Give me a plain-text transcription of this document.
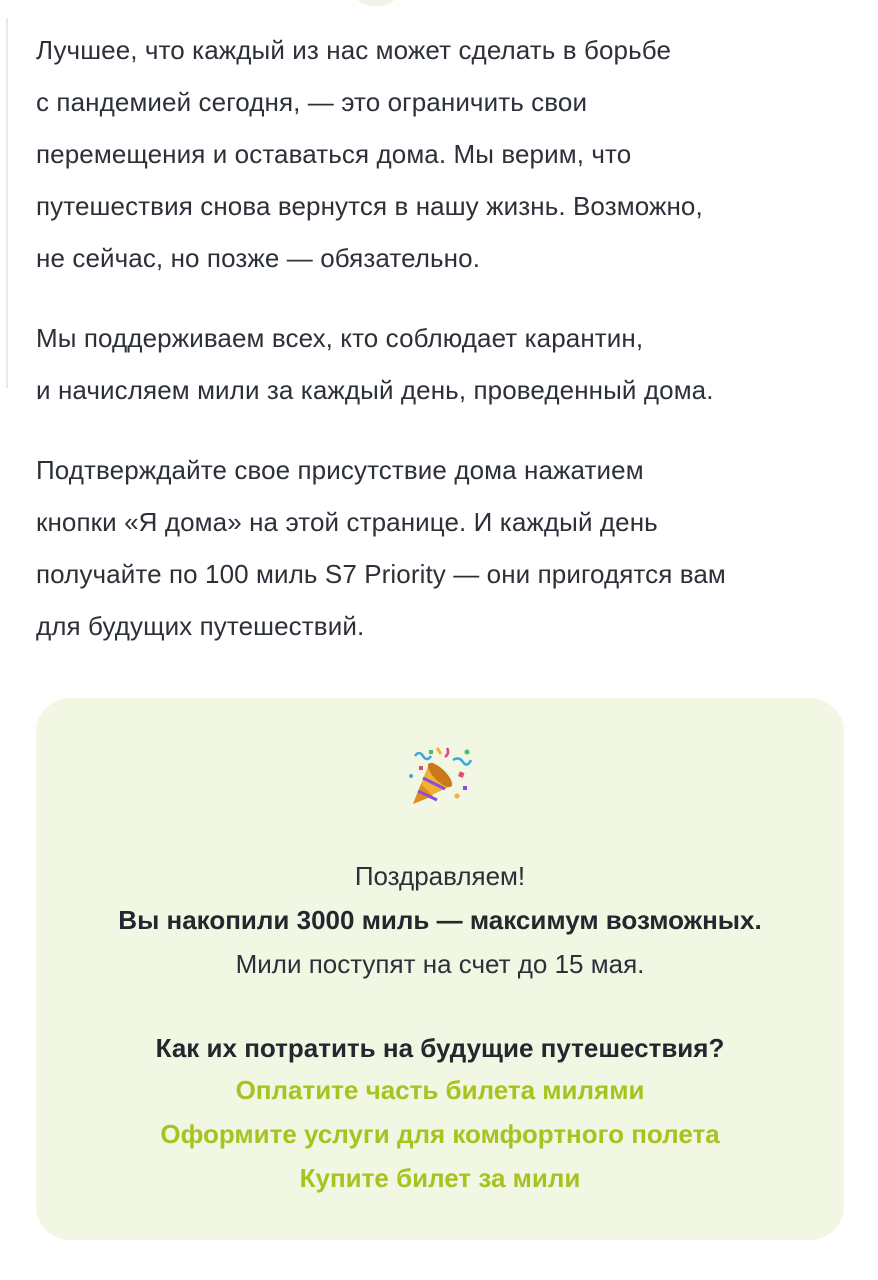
Лучшее, что каждый из нас может сделать в борьбе
с пандемией сегодня, — это ограничить свои
перемещения и оставаться дома. Мы верим, что
путешествия снова вернутся в нашу жизнь. Возможно,
не сейчас, но позже — обязательно.

Мы поддерживаем всех, кто соблюдает карантин,
и начисляем мили за каждый день, проведенный дома.

Подтверждайте свое присутствие дома нажатием
кнопки «Я дома» на этой странице. И каждый день
получайте по 100 миль S7 Priority — они пригодятся вам
для будущих путешествий.

Поздравляем!
Вы накопили 3000 миль — максимум возможных.
Мили поступят на счет до 15 мая.
Как их потратить на будущие путешествия?
Оплатите часть билета милями
Оформите услуги для комфортного полета
Купите билет за мили
